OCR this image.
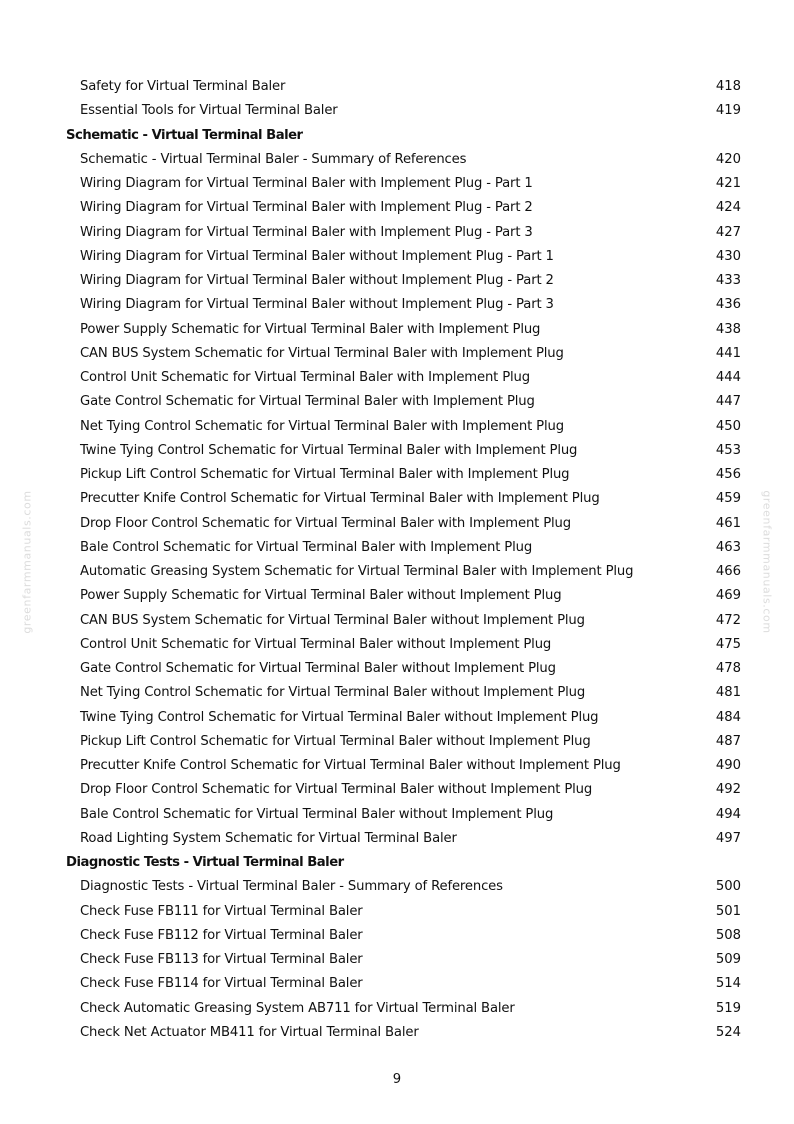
greenfarmmanuals.com	greenfarmmanuals.com
Safety for Virtual Terminal Baler	418
Essential Tools for Virtual Terminal Baler	419
Schematic - Virtual Terminal Baler
Schematic - Virtual Terminal Baler - Summary of References	420
Wiring Diagram for Virtual Terminal Baler with Implement Plug - Part 1	421
Wiring Diagram for Virtual Terminal Baler with Implement Plug - Part 2	424
Wiring Diagram for Virtual Terminal Baler with Implement Plug - Part 3	427
Wiring Diagram for Virtual Terminal Baler without Implement Plug - Part 1	430
Wiring Diagram for Virtual Terminal Baler without Implement Plug - Part 2	433
Wiring Diagram for Virtual Terminal Baler without Implement Plug - Part 3	436
Power Supply Schematic for Virtual Terminal Baler with Implement Plug	438
CAN BUS System Schematic for Virtual Terminal Baler with Implement Plug	441
Control Unit Schematic for Virtual Terminal Baler with Implement Plug	444
Gate Control Schematic for Virtual Terminal Baler with Implement Plug	447
Net Tying Control Schematic for Virtual Terminal Baler with Implement Plug	450
Twine Tying Control Schematic for Virtual Terminal Baler with Implement Plug	453
Pickup Lift Control Schematic for Virtual Terminal Baler with Implement Plug	456
Precutter Knife Control Schematic for Virtual Terminal Baler with Implement Plug	459
Drop Floor Control Schematic for Virtual Terminal Baler with Implement Plug	461
Bale Control Schematic for Virtual Terminal Baler with Implement Plug	463
Automatic Greasing System Schematic for Virtual Terminal Baler with Implement Plug	466
Power Supply Schematic for Virtual Terminal Baler without Implement Plug	469
CAN BUS System Schematic for Virtual Terminal Baler without Implement Plug	472
Control Unit Schematic for Virtual Terminal Baler without Implement Plug	475
Gate Control Schematic for Virtual Terminal Baler without Implement Plug	478
Net Tying Control Schematic for Virtual Terminal Baler without Implement Plug	481
Twine Tying Control Schematic for Virtual Terminal Baler without Implement Plug	484
Pickup Lift Control Schematic for Virtual Terminal Baler without Implement Plug	487
Precutter Knife Control Schematic for Virtual Terminal Baler without Implement Plug	490
Drop Floor Control Schematic for Virtual Terminal Baler without Implement Plug	492
Bale Control Schematic for Virtual Terminal Baler without Implement Plug	494
Road Lighting System Schematic for Virtual Terminal Baler	497
Diagnostic Tests - Virtual Terminal Baler
Diagnostic Tests - Virtual Terminal Baler - Summary of References	500
Check Fuse FB111 for Virtual Terminal Baler	501
Check Fuse FB112 for Virtual Terminal Baler	508
Check Fuse FB113 for Virtual Terminal Baler	509
Check Fuse FB114 for Virtual Terminal Baler	514
Check Automatic Greasing System AB711 for Virtual Terminal Baler	519
Check Net Actuator MB411 for Virtual Terminal Baler	524
9
